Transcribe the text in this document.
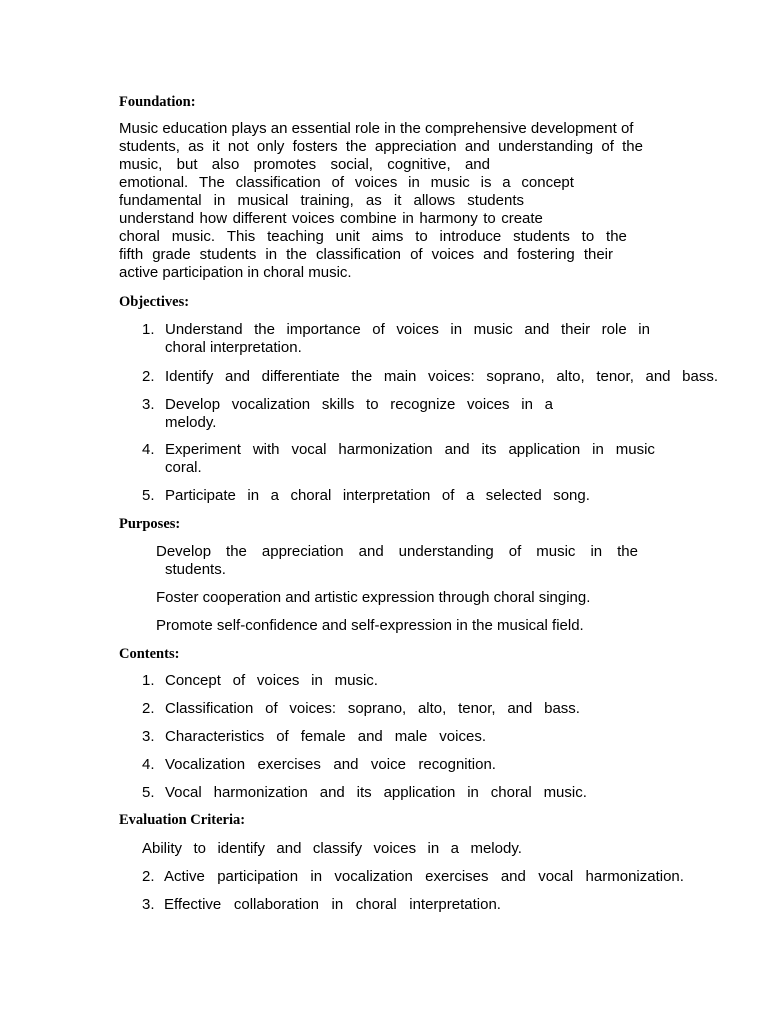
Foundation:
Music education plays an essential role in the comprehensive development of
students, as it not only fosters the appreciation and understanding of the
music, but also promotes social, cognitive, and
emotional. The classification of voices in music is a concept
fundamental in musical training, as it allows students
understand how different voices combine in harmony to create
choral music. This teaching unit aims to introduce students to the
fifth grade students in the classification of voices and fostering their
active participation in choral music.
Objectives:
1. Understand the importance of voices in music and their role in
choral interpretation.
2. Identify and differentiate the main voices: soprano, alto, tenor, and bass.
3. Develop vocalization skills to recognize voices in a
melody.
4. Experiment with vocal harmonization and its application in music
coral.
5. Participate in a choral interpretation of a selected song.
Purposes:
Develop the appreciation and understanding of music in the
students.
Foster cooperation and artistic expression through choral singing.
Promote self-confidence and self-expression in the musical field.
Contents:
1. Concept of voices in music.
2. Classification of voices: soprano, alto, tenor, and bass.
3. Characteristics of female and male voices.
4. Vocalization exercises and voice recognition.
5. Vocal harmonization and its application in choral music.
Evaluation Criteria:
Ability to identify and classify voices in a melody.
2. Active participation in vocalization exercises and vocal harmonization.
3. Effective collaboration in choral interpretation.
